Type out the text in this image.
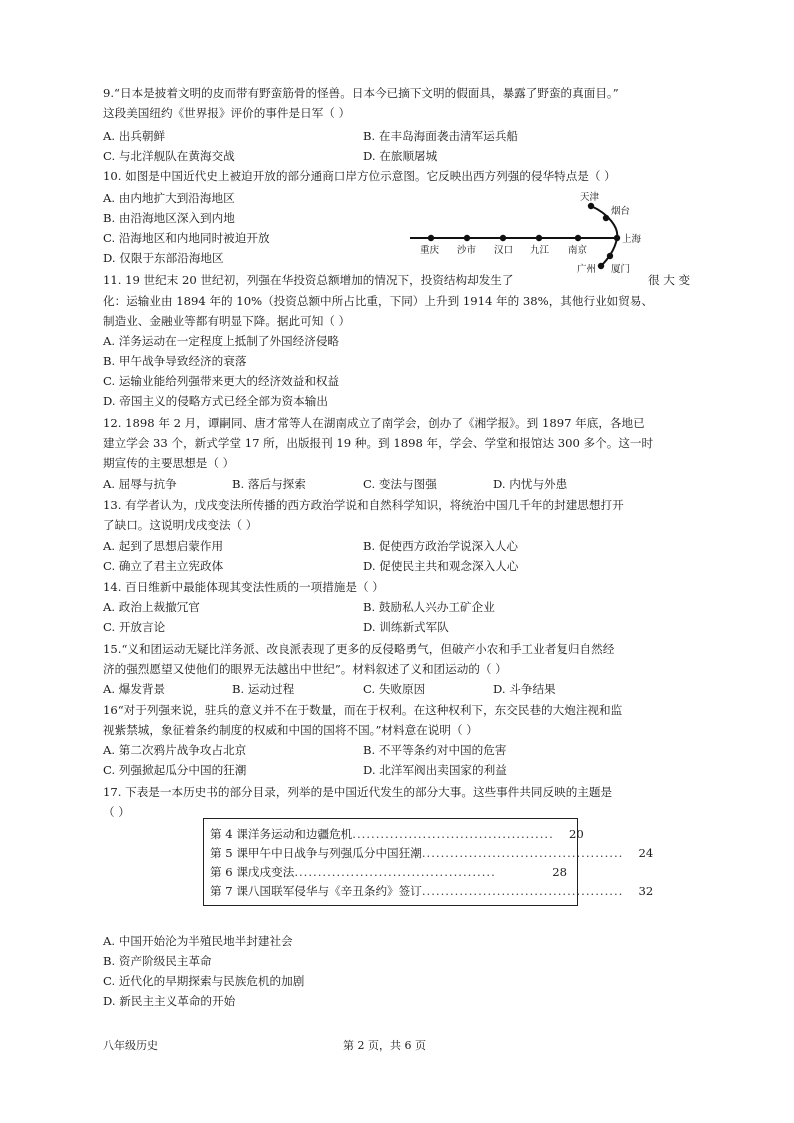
9.“日本是披着文明的皮而带有野蛮筋骨的怪兽。日本今已摘下文明的假面具，暴露了野蛮的真面目。”
这段美国纽约《世界报》评价的事件是日军（ ）
A. 出兵朝鲜	B. 在丰岛海面袭击清军运兵船
C. 与北洋舰队在黄海交战	D. 在旅顺屠城
10. 如图是中国近代史上被迫开放的部分通商口岸方位示意图。它反映出西方列强的侵华特点是（ ）
A. 由内地扩大到沿海地区
B. 由沿海地区深入到内地
C. 沿海地区和内地同时被迫开放
D. 仅限于东部沿海地区
天津
烟台
上海
厦门
广州
南京
九江
汉口
沙市
重庆
11. 19 世纪末 20 世纪初，列强在华投资总额增加的情况下，投资结构却发生了	很 大 变
化：运输业由 1894 年的 10%（投资总额中所占比重，下同）上升到 1914 年的 38%，其他行业如贸易、
制造业、金融业等都有明显下降。据此可知（ ）
A. 洋务运动在一定程度上抵制了外国经济侵略
B. 甲午战争导致经济的衰落
C. 运输业能给列强带来更大的经济效益和权益
D. 帝国主义的侵略方式已经全部为资本输出
12. 1898 年 2 月，谭嗣同、唐才常等人在湖南成立了南学会，创办了《湘学报》。到 1897 年底，各地已
建立学会 33 个，新式学堂 17 所，出版报刊 19 种。到 1898 年，学会、学堂和报馆达 300 多个。这一时
期宣传的主要思想是（ ）
A. 屈辱与抗争	B. 落后与探索	C. 变法与图强	D. 内忧与外患
13. 有学者认为，戊戌变法所传播的西方政治学说和自然科学知识，将统治中国几千年的封建思想打开
了缺口。这说明戊戌变法（ ）
A. 起到了思想启蒙作用	B. 促使西方政治学说深入人心
C. 确立了君主立宪政体	D. 促使民主共和观念深入人心
14. 百日维新中最能体现其变法性质的一项措施是（ ）
A. 政治上裁撤冗官	B. 鼓励私人兴办工矿企业
C. 开放言论	D. 训练新式军队
15.“义和团运动无疑比洋务派、改良派表现了更多的反侵略勇气，但破产小农和手工业者复归自然经
济的强烈愿望又使他们的眼界无法越出中世纪”。材料叙述了义和团运动的（ ）
A. 爆发背景	B. 运动过程	C. 失败原因	D. 斗争结果
16“对于列强来说，驻兵的意义并不在于数量，而在于权利。在这种权利下，东交民巷的大炮注视和监
视紫禁城，象征着条约制度的权威和中国的国将不国。”材料意在说明（ ）
A. 第二次鸦片战争攻占北京	B. 不平等条约对中国的危害
C. 列强掀起瓜分中国的狂潮	D. 北洋军阀出卖国家的利益
17. 下表是一本历史书的部分目录，列举的是中国近代发生的部分大事。这些事件共同反映的主题是
（ ）
第 4 课洋务运动和边疆危机 ...........................................	20
第 5 课甲午中日战争与列强瓜分中国狂潮 ...........................................	24
第 6 课戊戌变法 ...........................................	28
第 7 课八国联军侵华与《辛丑条约》签订 ...........................................	32
A. 中国开始沦为半殖民地半封建社会
B. 资产阶级民主革命
C. 近代化的早期探索与民族危机的加剧
D. 新民主主义革命的开始
八年级历史	第 2 页，共 6 页
